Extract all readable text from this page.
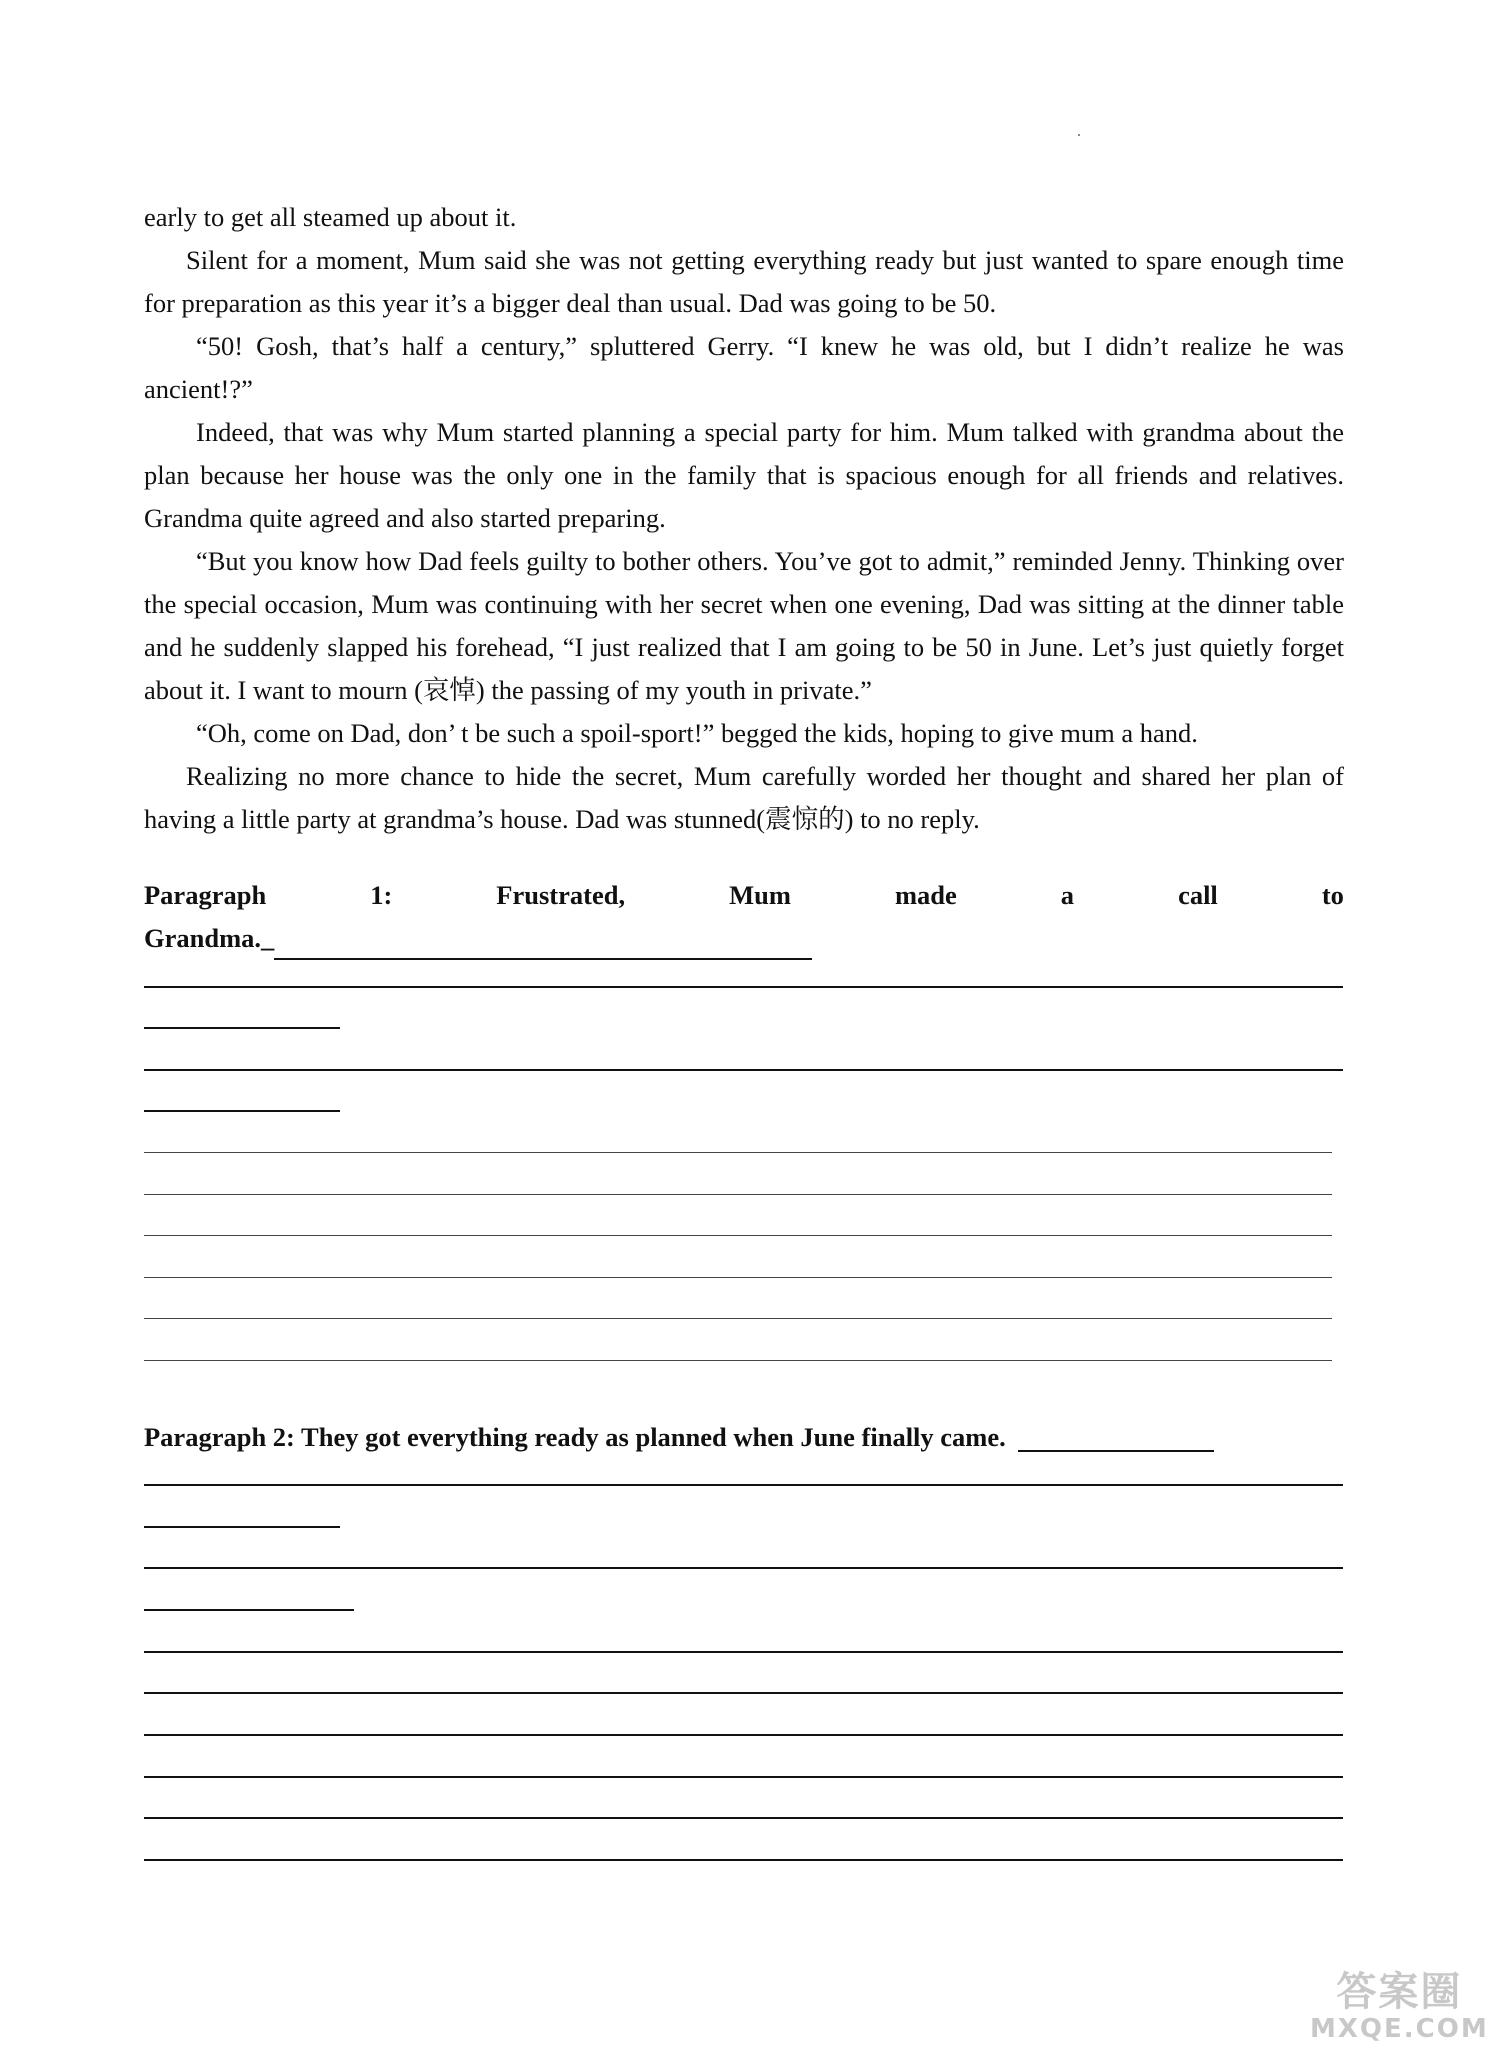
early to get all steamed up about it.

Silent for a moment, Mum said she was not getting everything ready but just wanted to spare enough time for preparation as this year it’s a bigger deal than usual. Dad was going to be 50.

“50! Gosh, that’s half a century,” spluttered Gerry. “I knew he was old, but I didn’t realize he was ancient!?”

Indeed, that was why Mum started planning a special party for him. Mum talked with grandma about the plan because her house was the only one in the family that is spacious enough for all friends and relatives. Grandma quite agreed and also started preparing.

“But you know how Dad feels guilty to bother others. You’ve got to admit,” reminded Jenny. Thinking over the special occasion, Mum was continuing with her secret when one evening, Dad was sitting at the dinner table and he suddenly slapped his forehead, “I just realized that I am going to be 50 in June. Let’s just quietly forget about it. I want to mourn (哀悼) the passing of my youth in private.”

“Oh, come on Dad, don’ t be such a spoil-sport!” begged the kids, hoping to give mum a hand.

Realizing no more chance to hide the secret, Mum carefully worded her thought and shared her plan of having a little party at grandma’s house. Dad was stunned(震惊的) to no reply.

Paragraph	1:	Frustrated,	Mum	made	a	call	to
Grandma._
Paragraph 2: They got everything ready as planned when June finally came.
答案圈
MXQE.COM
